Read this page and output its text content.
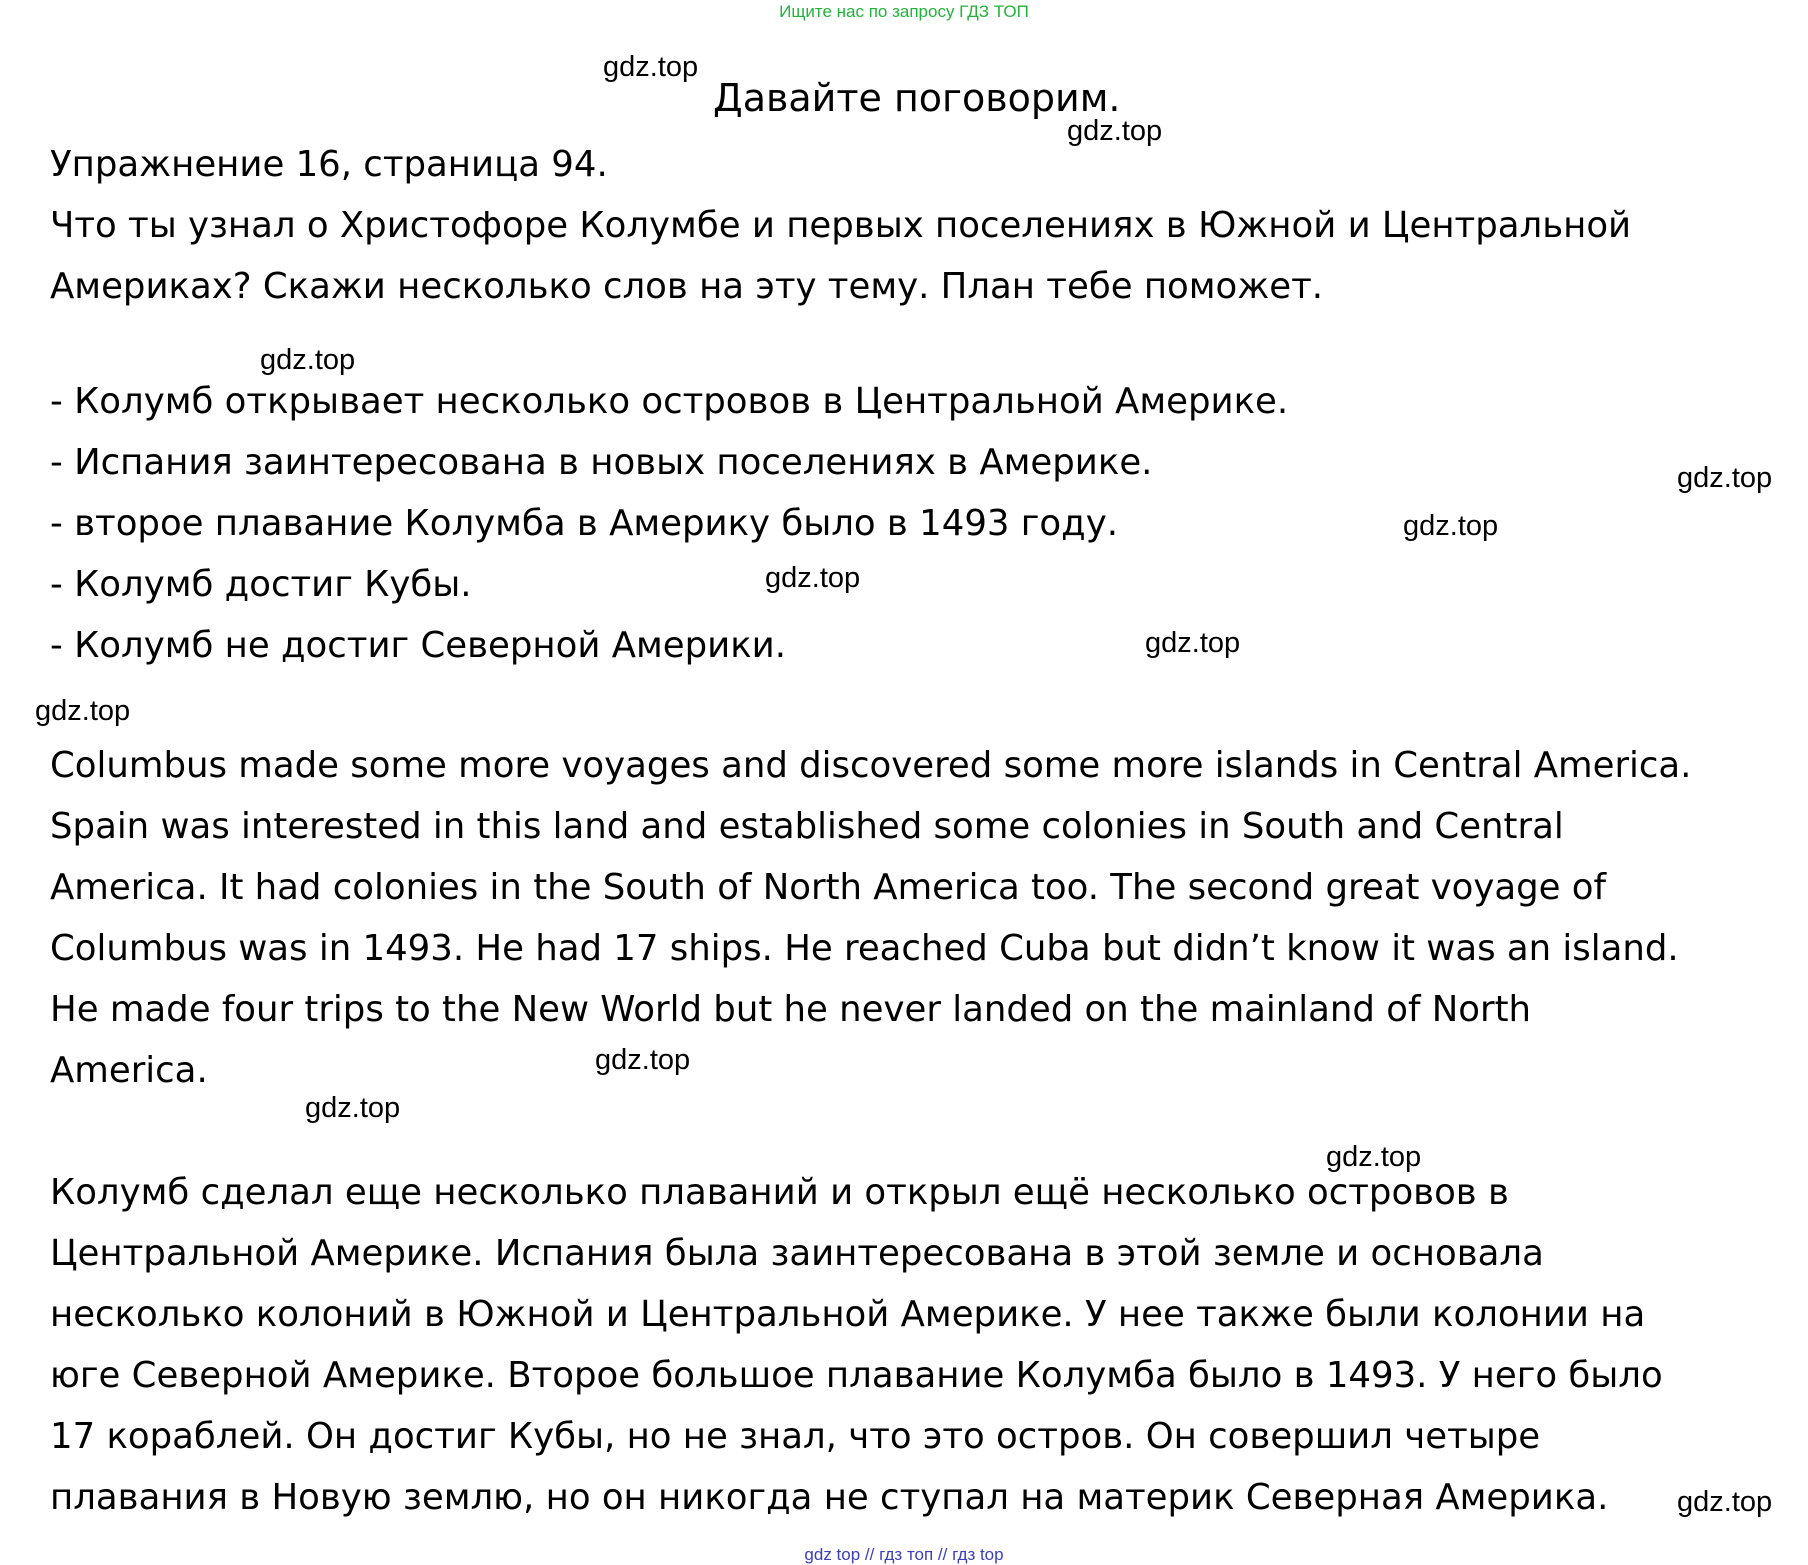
Ищите нас по запросу ГДЗ ТОП
Давайте поговорим.
Упражнение 16, страница 94.
Что ты узнал о Христофоре Колумбе и первых поселениях в Южной и Центральной
Америках? Скажи несколько слов на эту тему. План тебе поможет.
- Колумб открывает несколько островов в Центральной Америке.
- Испания заинтересована в новых поселениях в Америке.
- второе плавание Колумба в Америку было в 1493 году.
- Колумб достиг Кубы.
- Колумб не достиг Северной Америки.
Columbus made some more voyages and discovered some more islands in Central America.
Spain was interested in this land and established some colonies in South and Central
America. It had colonies in the South of North America too. The second great voyage of
Columbus was in 1493. He had 17 ships. He reached Cuba but didn’t know it was an island.
He made four trips to the New World but he never landed on the mainland of North
America.
Колумб сделал еще несколько плаваний и открыл ещё несколько островов в
Центральной Америке. Испания была заинтересована в этой земле и основала
несколько колоний в Южной и Центральной Америке. У нее также были колонии на
юге Северной Америке. Второе большое плавание Колумба было в 1493. У него было
17 кораблей. Он достиг Кубы, но не знал, что это остров. Он совершил четыре
плавания в Новую землю, но он никогда не ступал на материк Северная Америка.
gdz.top
gdz.top
gdz.top
gdz.top
gdz.top
gdz.top
gdz.top
gdz.top
gdz.top
gdz.top
gdz.top
gdz.top
gdz top // гдз топ // гдз top
